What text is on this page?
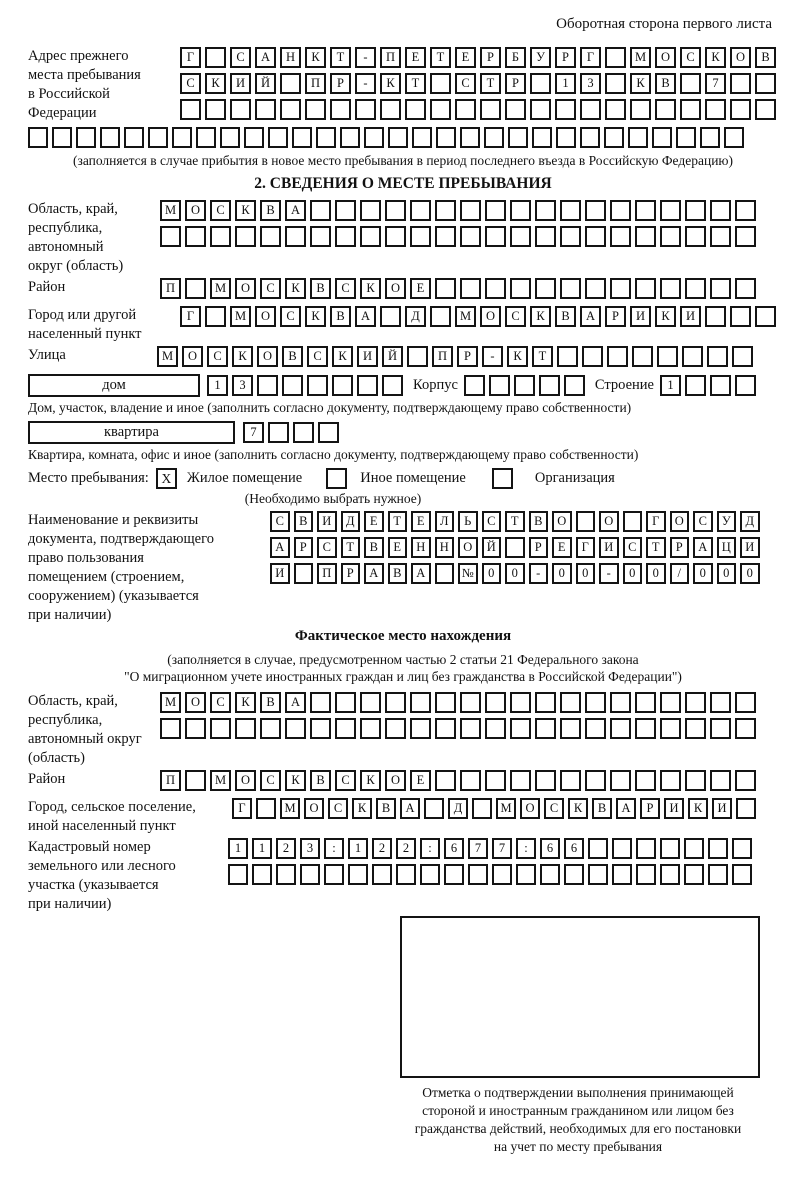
Оборотная сторона первого листа
Адрес прежнего
места пребывания
в Российской
Федерации
Г	С А Н К Т - П Е Т Е Р Б У Р Г	М О С К О В
С К И Й	П Р - К Т	С Т Р	1 3	К В	7
(заполняется в случае прибытия в новое место пребывания в период последнего въезда в Российскую Федерацию)
2. СВЕДЕНИЯ О МЕСТЕ ПРЕБЫВАНИЯ
Область, край,
республика,
автономный
округ (область)
М О С К В А
Район	П	М О С К В С К О Е
Город или другой
населенный пункт
Г	М О С К В А	Д	М О С К В А Р И К И
Улица	М О С К О В С К И Й	П Р - К Т
дом	1 3	Корпус	Строение	1
Дом, участок, владение и иное (заполнить согласно документу, подтверждающему право собственности)
квартира	7
Квартира, комната, офис и иное (заполнить согласно документу, подтверждающему право собственности)
Место пребывания: X	Жилое помещение	Иное помещение	Организация
(Необходимо выбрать нужное)
Наименование и реквизиты
документа, подтверждающего
право пользования
помещением (строением,
сооружением) (указывается
при наличии)
С В И Д Е Т Е Л Ь С Т В О	О	Г О С У Д
А Р С Т В Е Н Н О Й	Р Е Г И С Т Р А Ц И
И	П Р А В А	№ 0 0 - 0 0 - 0 0 / 0 0 0
Фактическое место нахождения
(заполняется в случае, предусмотренном частью 2 статьи 21 Федерального закона
"О миграционном учете иностранных граждан и лиц без гражданства в Российской Федерации")
Область, край,
республика,
автономный округ
(область)
М О С К В А
Район	П	М О С К В С К О Е
Город, сельское поселение,
иной населенный пункт
Г	М О С К В А	Д	М О С К В А Р И К И
Кадастровый номер
земельного или лесного
участка (указывается
при наличии)
1 1 2 3 : 1 2 2 : 6 7 7 : 6 6
Отметка о подтверждении выполнения принимающей
стороной и иностранным гражданином или лицом без
гражданства действий, необходимых для его постановки
на учет по месту пребывания
